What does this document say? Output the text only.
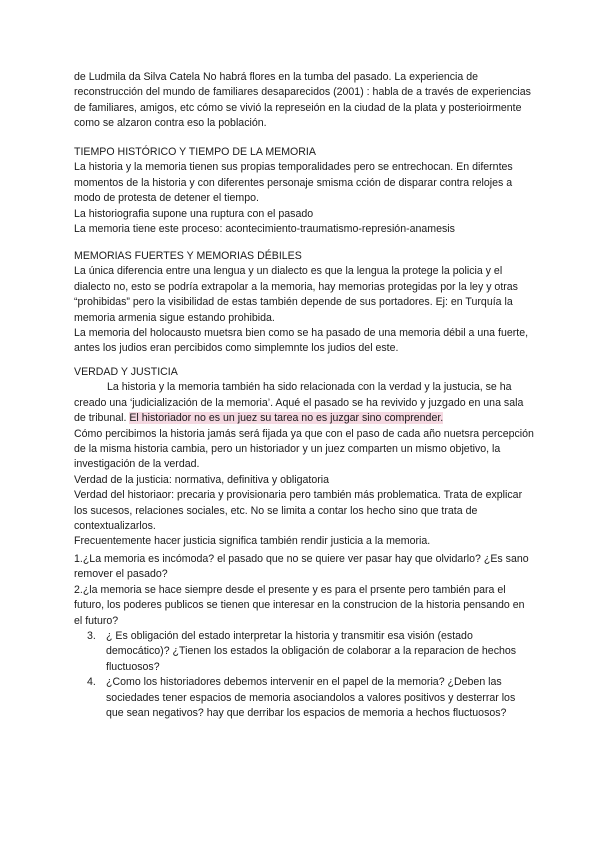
de Ludmila da Silva Catela No habrá flores en la tumba del pasado. La experiencia de reconstrucción del mundo de familiares desaparecidos (2001) : habla de a través de experiencias de familiares, amigos, etc cómo se vivió la represeión en la ciudad de la plata y posterioirmente como se alzaron contra eso la población.

TIEMPO HISTÓRICO Y TIEMPO DE LA MEMORIA

La historia y la memoria tienen sus propias temporalidades pero se entrechocan. En diferntes momentos de la historia y con diferentes personaje smisma cción de disparar contra relojes a modo de protesta de detener el tiempo.

La historiografia supone una ruptura con el pasado

La memoria tiene este proceso: acontecimiento-traumatismo-represión-anamesis

MEMORIAS FUERTES Y MEMORIAS DÉBILES

La única diferencia entre una lengua y un dialecto es que la lengua la protege la policia y el dialecto no, esto se podría extrapolar a la memoria, hay memorias protegidas por la ley y otras “prohibidas” pero la visibilidad de estas también depende de sus portadores. Ej: en Turquía la memoria armenia sigue estando prohibida.

La memoria del holocausto muetsra bien como se ha pasado de una memoria débil a una fuerte, antes los judios eran percibidos como simplemnte los judios del este.

VERDAD Y JUSTICIA

La historia y la memoria también ha sido relacionada con la verdad y la justucia, se ha creado una ‘judicialización de la memoria’. Aqué el pasado se ha revivido y juzgado en una sala de tribunal. El historiador no es un juez su tarea no es juzgar sino comprender.

Cómo percibimos la historia jamás será fijada ya que con el paso de cada año nuetsra percepción de la misma historia cambia, pero un historiador y un juez comparten un mismo objetivo, la investigación de la verdad.

Verdad de la justicia: normativa, definitiva y obligatoria

Verdad del historiaor: precaria y provisionaria pero también más problematica. Trata de explicar los sucesos, relaciones sociales, etc. No se limita a contar los hecho sino que trata de contextualizarlos.

Frecuentemente hacer justicia significa también rendir justicia a la memoria.

1.¿La memoria es incómoda? el pasado que no se quiere ver pasar hay que olvidarlo? ¿Es sano remover el pasado?

2.¿la memoria se hace siempre desde el presente y es para el prsente pero también para el futuro, los poderes publicos se tienen que interesar en la construcion de la historia pensando en el futuro?

3. ¿ Es obligación del estado interpretar la historia y transmitir esa visión (estado democático)? ¿Tienen los estados la obligación de colaborar a la reparacion de hechos fluctuosos?
4. ¿Como los historiadores debemos intervenir en el papel de la memoria? ¿Deben las sociedades tener espacios de memoria asociandolos a valores positivos y desterrar los que sean negativos? hay que derribar los espacios de memoria a hechos fluctuosos?
